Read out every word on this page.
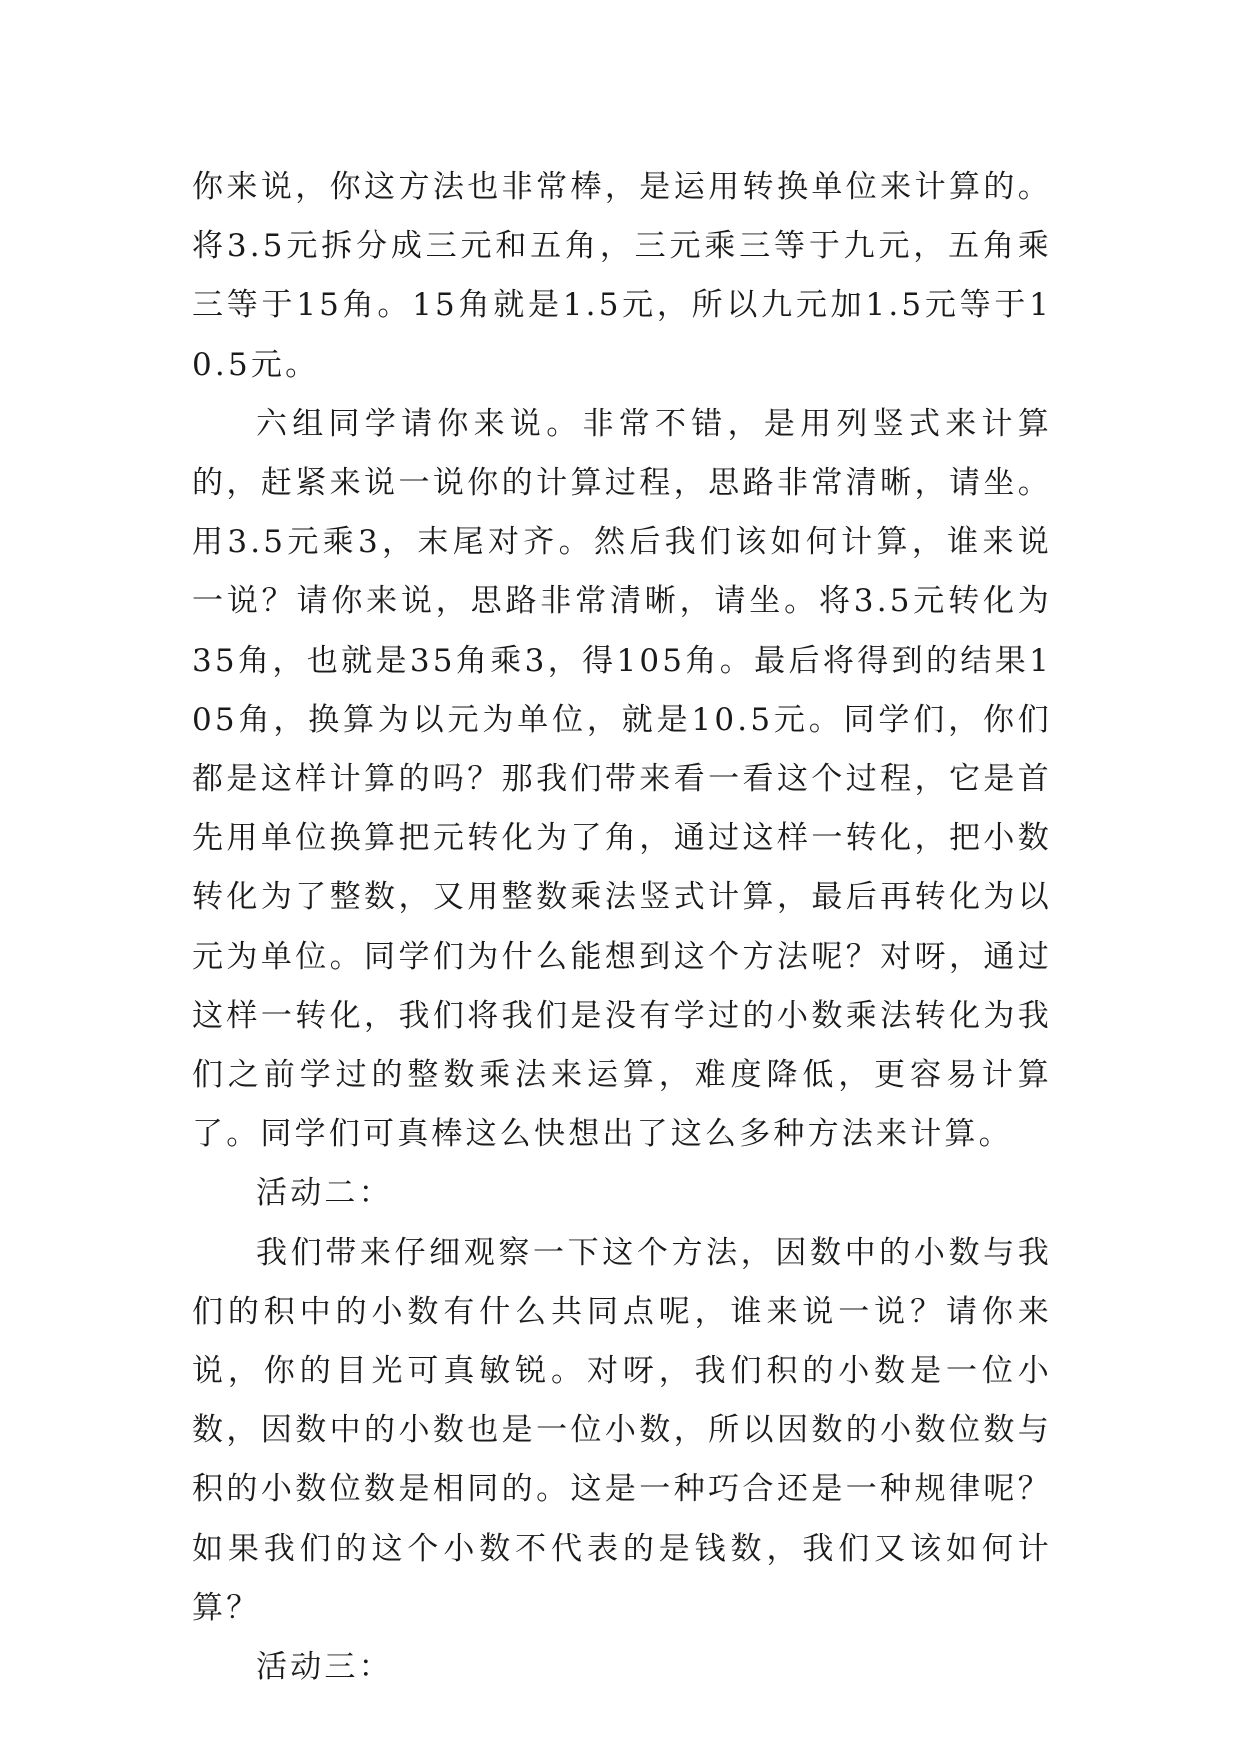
你来说，你这方法也非常棒，是运用转换单位来计算的。将3.5元拆分成三元和五角，三元乘三等于九元，五角乘三等于15角。15角就是1.5元，所以九元加1.5元等于10.5元。

六组同学请你来说。非常不错，是用列竖式来计算的，赶紧来说一说你的计算过程，思路非常清晰，请坐。用3.5元乘3，末尾对齐。然后我们该如何计算，谁来说一说？请你来说，思路非常清晰，请坐。将3.5元转化为35角，也就是35角乘3，得105角。最后将得到的结果105角，换算为以元为单位，就是10.5元。同学们，你们都是这样计算的吗？那我们带来看一看这个过程，它是首先用单位换算把元转化为了角，通过这样一转化，把小数转化为了整数，又用整数乘法竖式计算，最后再转化为以元为单位。同学们为什么能想到这个方法呢？对呀，通过这样一转化，我们将我们是没有学过的小数乘法转化为我们之前学过的整数乘法来运算，难度降低，更容易计算了。同学们可真棒这么快想出了这么多种方法来计算。

活动二：

我们带来仔细观察一下这个方法，因数中的小数与我们的积中的小数有什么共同点呢，谁来说一说？请你来说，你的目光可真敏锐。对呀，我们积的小数是一位小数，因数中的小数也是一位小数，所以因数的小数位数与积的小数位数是相同的。这是一种巧合还是一种规律呢？如果我们的这个小数不代表的是钱数，我们又该如何计算？

活动三：
